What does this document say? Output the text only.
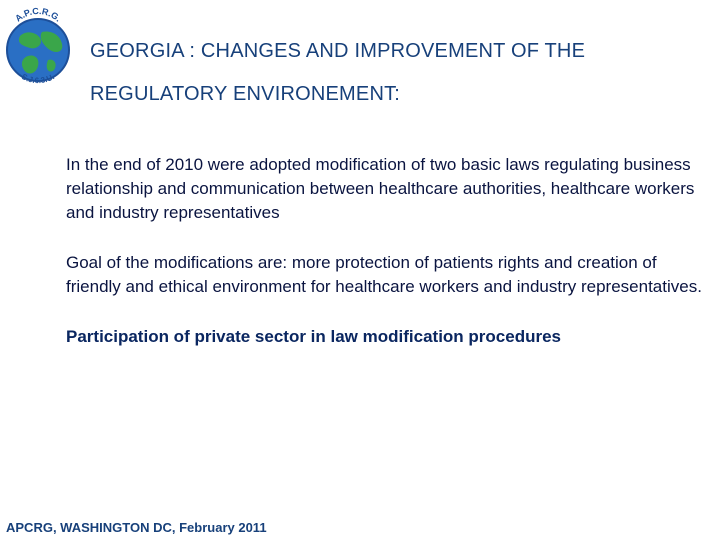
A.P.C.R.G.
S.J.6.3.U.
GEORGIA : CHANGES AND IMPROVEMENT OF THE
REGULATORY ENVIRONEMENT:

In the end of 2010 were adopted modification of two basic laws regulating business relationship and communication between healthcare authorities, healthcare workers and industry representatives

Goal of the modifications are: more protection of patients rights and creation of friendly and ethical environment for healthcare workers and industry representatives.

Participation of private sector in law modification procedures

APCRG, WASHINGTON DC, February 2011
